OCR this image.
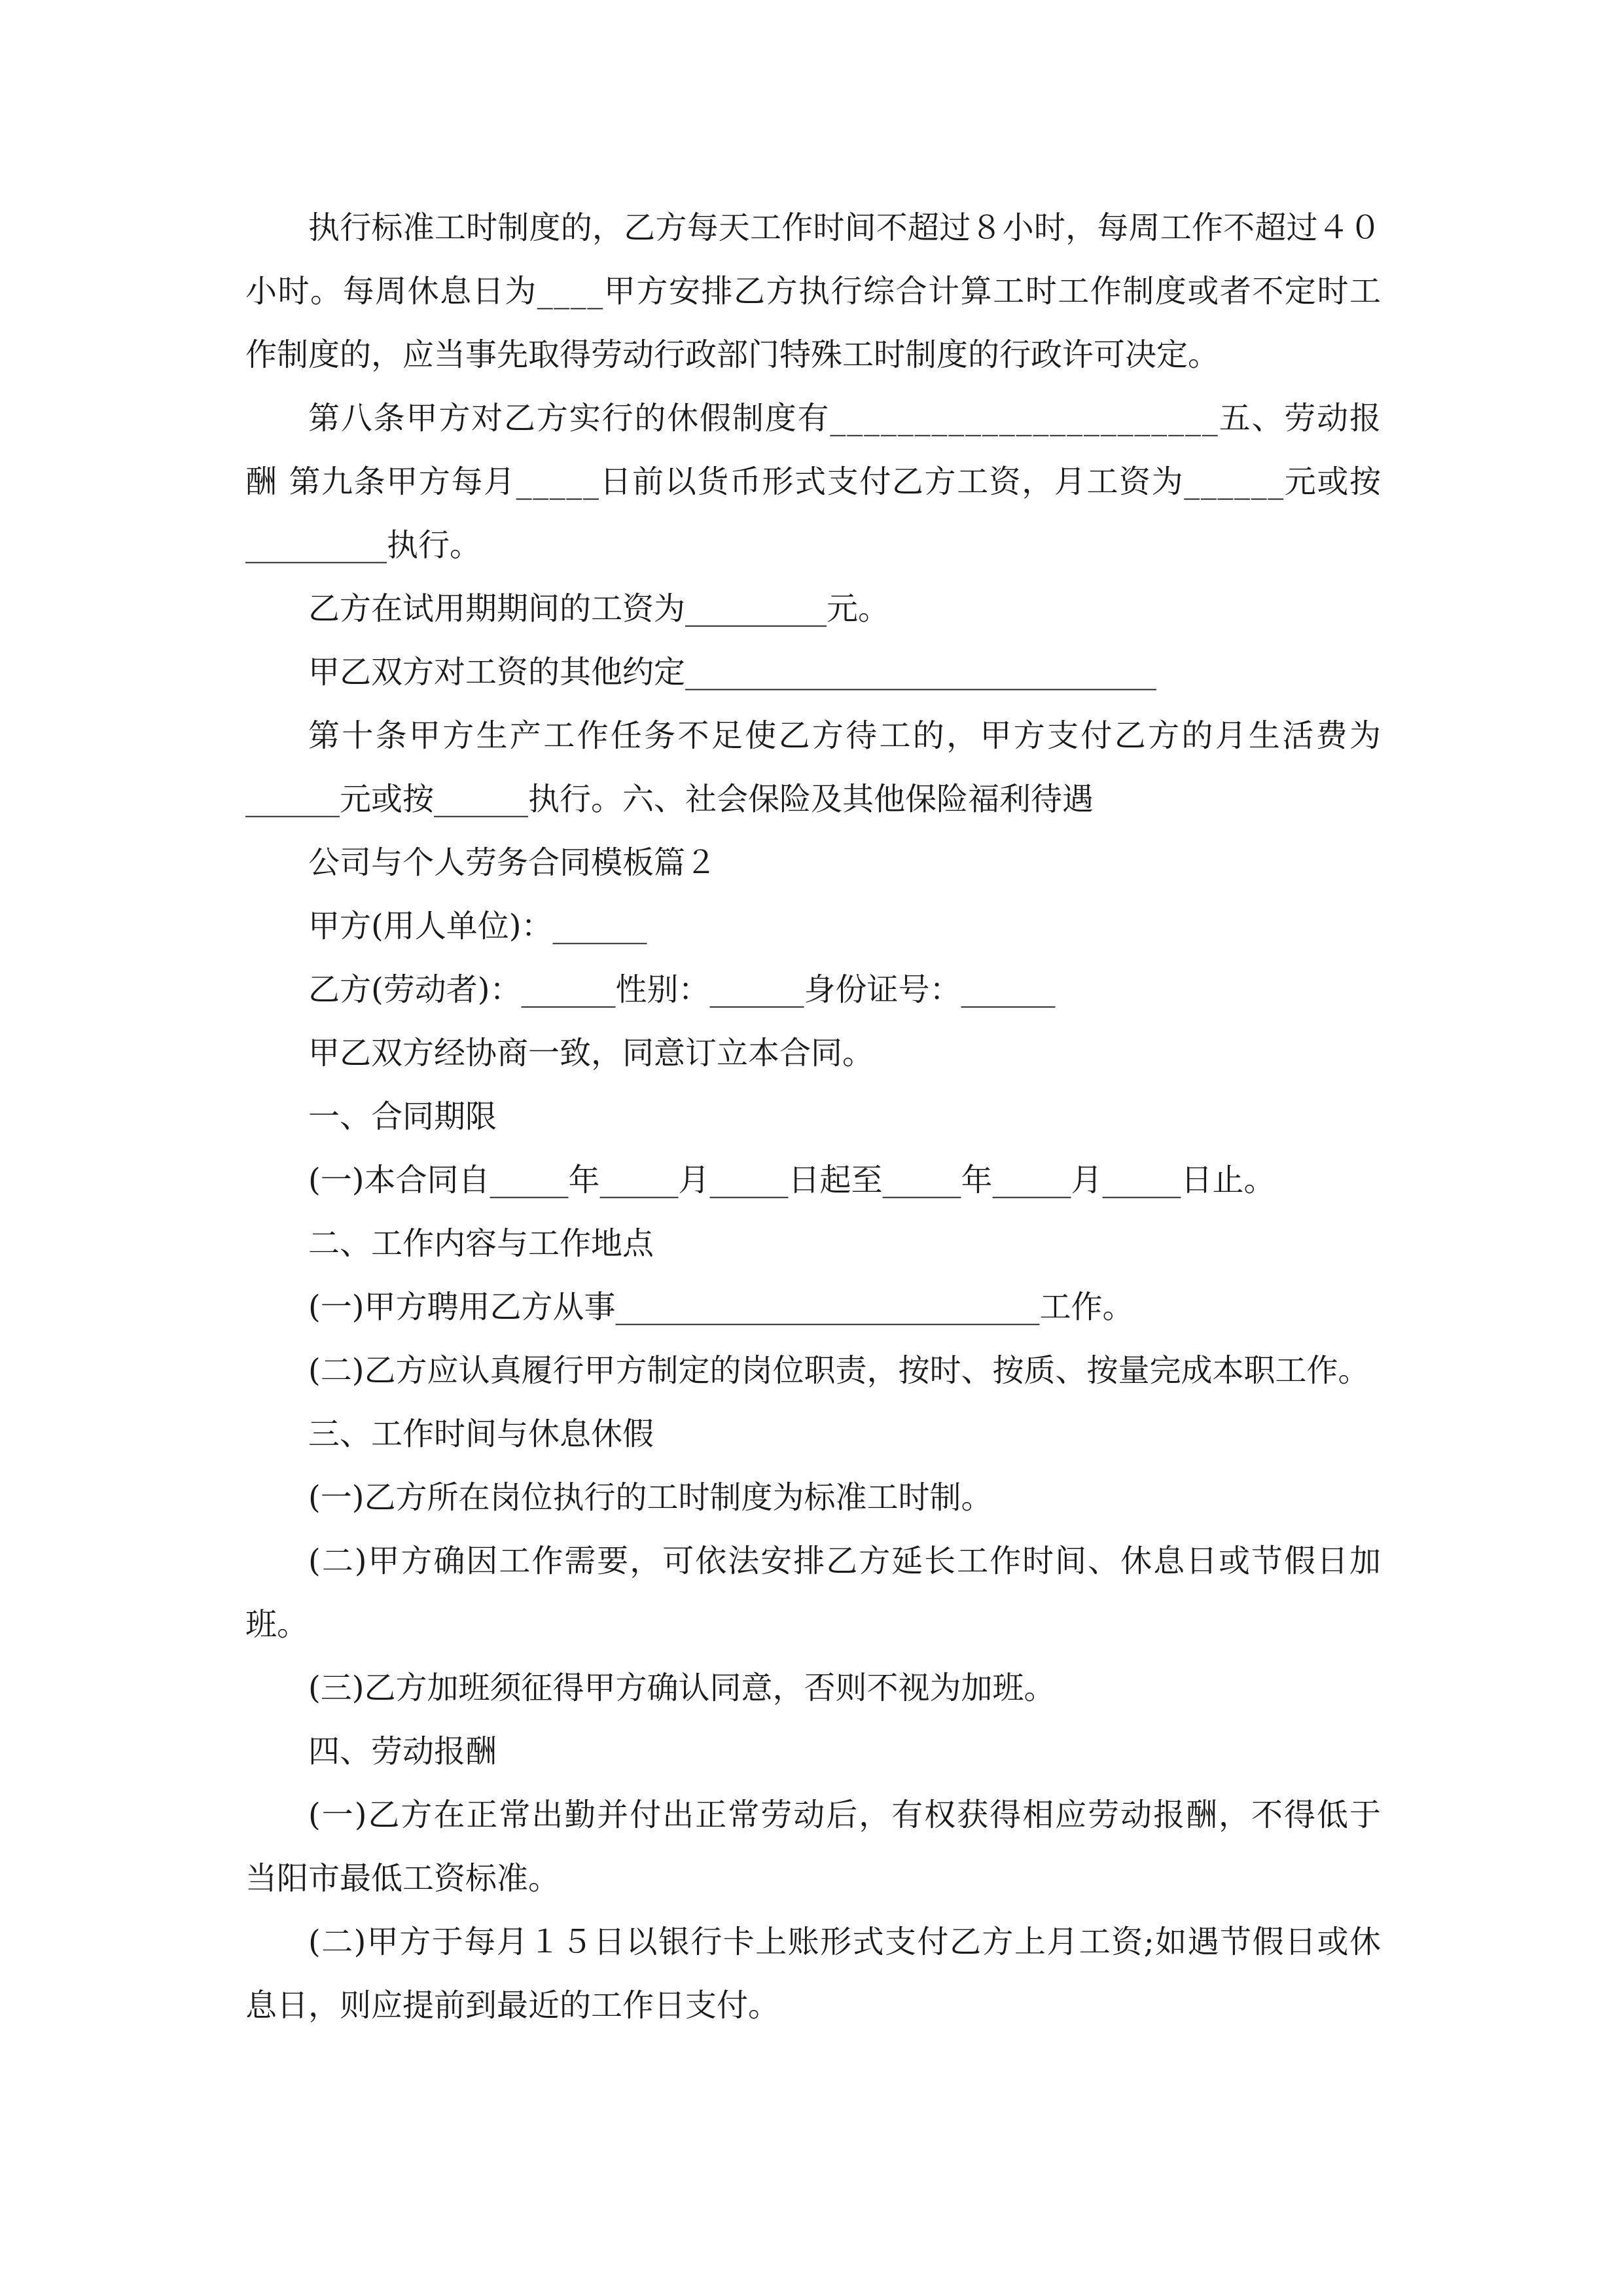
执行标准工时制度的，乙方每天工作时间不超过８小时，每周工作不超过４０
小时。每周休息日为____甲方安排乙方执行综合计算工时工作制度或者不定时工
作制度的，应当事先取得劳动行政部门特殊工时制度的行政许可决定。
第八条甲方对乙方实行的休假制度有_______________________五、劳动报
酬 第九条甲方每月_____日前以货币形式支付乙方工资，月工资为______元或按
_________执行。
乙方在试用期期间的工资为_________元。
甲乙双方对工资的其他约定______________________________
第十条甲方生产工作任务不足使乙方待工的，甲方支付乙方的月生活费为
______元或按______执行。六、社会保险及其他保险福利待遇
公司与个人劳务合同模板篇２
甲方(用人单位)：______
乙方(劳动者)：______性别：______身份证号：______
甲乙双方经协商一致，同意订立本合同。
一、合同期限
(一)本合同自_____年_____月_____日起至_____年_____月_____日止。
二、工作内容与工作地点
(一)甲方聘用乙方从事___________________________工作。
(二)乙方应认真履行甲方制定的岗位职责，按时、按质、按量完成本职工作。
三、工作时间与休息休假
(一)乙方所在岗位执行的工时制度为标准工时制。
(二)甲方确因工作需要，可依法安排乙方延长工作时间、休息日或节假日加
班。
(三)乙方加班须征得甲方确认同意，否则不视为加班。
四、劳动报酬
(一)乙方在正常出勤并付出正常劳动后，有权获得相应劳动报酬，不得低于
当阳市最低工资标准。
(二)甲方于每月１５日以银行卡上账形式支付乙方上月工资;如遇节假日或休
息日，则应提前到最近的工作日支付。
